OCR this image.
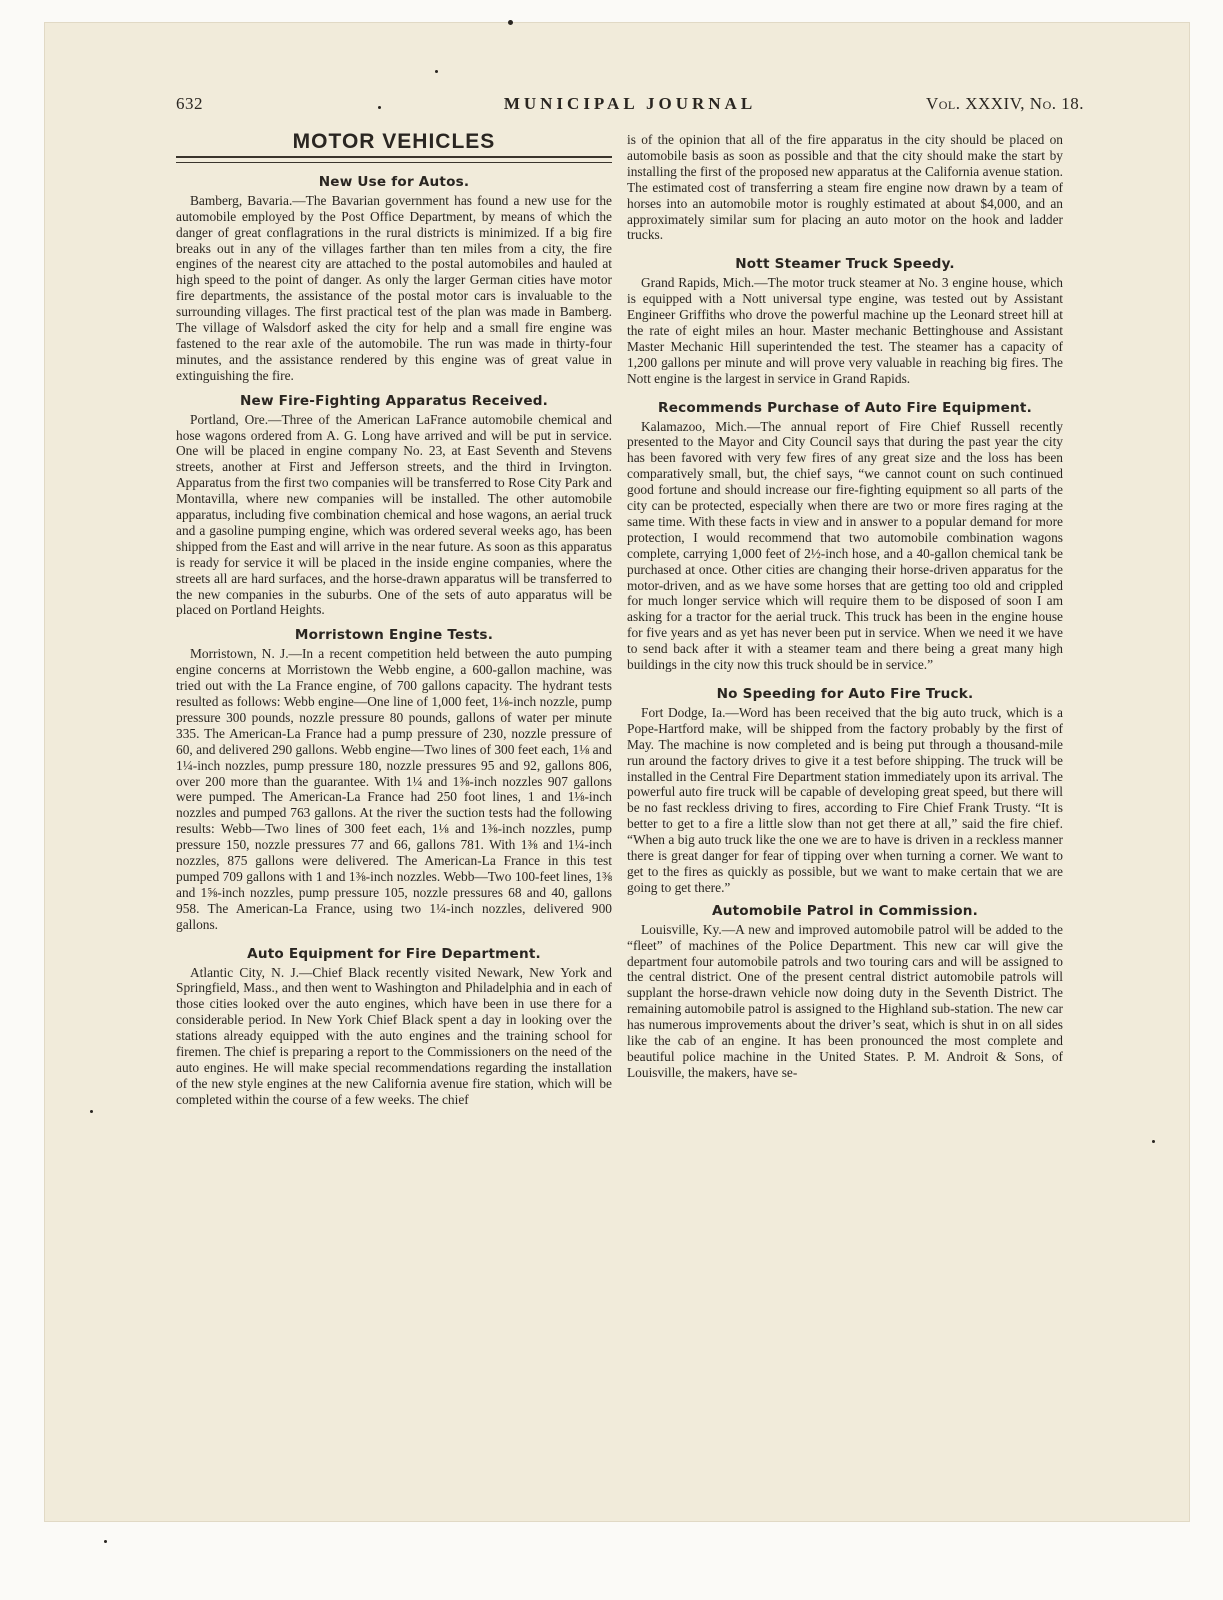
632	MUNICIPAL JOURNAL	Vol. XXXIV, No. 18.
MOTOR VEHICLES
New Use for Autos.

Bamberg, Bavaria.—The Bavarian government has found a new use for the automobile employed by the Post Office Department, by means of which the danger of great conflagrations in the rural districts is minimized. If a big fire breaks out in any of the villages farther than ten miles from a city, the fire engines of the nearest city are attached to the postal automobiles and hauled at high speed to the point of danger. As only the larger German cities have motor fire departments, the assistance of the postal motor cars is invaluable to the surrounding villages. The first practical test of the plan was made in Bamberg. The village of Walsdorf asked the city for help and a small fire engine was fastened to the rear axle of the automobile. The run was made in thirty-four minutes, and the assistance rendered by this engine was of great value in extinguishing the fire.

New Fire-Fighting Apparatus Received.

Portland, Ore.—Three of the American LaFrance automobile chemical and hose wagons ordered from A. G. Long have arrived and will be put in service. One will be placed in engine company No. 23, at East Seventh and Stevens streets, another at First and Jefferson streets, and the third in Irvington. Apparatus from the first two companies will be transferred to Rose City Park and Montavilla, where new companies will be installed. The other automobile apparatus, including five combination chemical and hose wagons, an aerial truck and a gasoline pumping engine, which was ordered several weeks ago, has been shipped from the East and will arrive in the near future. As soon as this apparatus is ready for service it will be placed in the inside engine companies, where the streets all are hard surfaces, and the horse-drawn apparatus will be transferred to the new companies in the suburbs. One of the sets of auto apparatus will be placed on Portland Heights.

Morristown Engine Tests.

Morristown, N. J.—In a recent competition held between the auto pumping engine concerns at Morristown the Webb engine, a 600-gallon machine, was tried out with the La France engine, of 700 gallons capacity. The hydrant tests resulted as follows: Webb engine—One line of 1,000 feet, 1⅛-inch nozzle, pump pressure 300 pounds, nozzle pressure 80 pounds, gallons of water per minute 335. The American-La France had a pump pressure of 230, nozzle pressure of 60, and delivered 290 gallons. Webb engine—Two lines of 300 feet each, 1⅛ and 1¼-inch nozzles, pump pressure 180, nozzle pressures 95 and 92, gallons 806, over 200 more than the guarantee. With 1¼ and 1⅜-inch nozzles 907 gallons were pumped. The American-La France had 250 foot lines, 1 and 1⅛-inch nozzles and pumped 763 gallons. At the river the suction tests had the following results: Webb—Two lines of 300 feet each, 1⅛ and 1⅜-inch nozzles, pump pressure 150, nozzle pressures 77 and 66, gallons 781. With 1⅜ and 1¼-inch nozzles, 875 gallons were delivered. The American-La France in this test pumped 709 gallons with 1 and 1⅜-inch nozzles. Webb—Two 100-feet lines, 1⅜ and 1⅝-inch nozzles, pump pressure 105, nozzle pressures 68 and 40, gallons 958. The American-La France, using two 1¼-inch nozzles, delivered 900 gallons.

Auto Equipment for Fire Department.

Atlantic City, N. J.—Chief Black recently visited Newark, New York and Springfield, Mass., and then went to Washington and Philadelphia and in each of those cities looked over the auto engines, which have been in use there for a considerable period. In New York Chief Black spent a day in looking over the stations already equipped with the auto engines and the training school for firemen. The chief is preparing a report to the Commissioners on the need of the auto engines. He will make special recommendations regarding the installation of the new style engines at the new California avenue fire station, which will be completed within the course of a few weeks. The chief

is of the opinion that all of the fire apparatus in the city should be placed on automobile basis as soon as possible and that the city should make the start by installing the first of the proposed new apparatus at the California avenue station. The estimated cost of transferring a steam fire engine now drawn by a team of horses into an automobile motor is roughly estimated at about $4,000, and an approximately similar sum for placing an auto motor on the hook and ladder trucks.

Nott Steamer Truck Speedy.

Grand Rapids, Mich.—The motor truck steamer at No. 3 engine house, which is equipped with a Nott universal type engine, was tested out by Assistant Engineer Griffiths who drove the powerful machine up the Leonard street hill at the rate of eight miles an hour. Master mechanic Bettinghouse and Assistant Master Mechanic Hill superintended the test. The steamer has a capacity of 1,200 gallons per minute and will prove very valuable in reaching big fires. The Nott engine is the largest in service in Grand Rapids.

Recommends Purchase of Auto Fire Equipment.

Kalamazoo, Mich.—The annual report of Fire Chief Russell recently presented to the Mayor and City Council says that during the past year the city has been favored with very few fires of any great size and the loss has been comparatively small, but, the chief says, “we cannot count on such continued good fortune and should increase our fire-fighting equipment so all parts of the city can be protected, especially when there are two or more fires raging at the same time. With these facts in view and in answer to a popular demand for more protection, I would recommend that two automobile combination wagons complete, carrying 1,000 feet of 2½-inch hose, and a 40-gallon chemical tank be purchased at once. Other cities are changing their horse-driven apparatus for the motor-driven, and as we have some horses that are getting too old and crippled for much longer service which will require them to be disposed of soon I am asking for a tractor for the aerial truck. This truck has been in the engine house for five years and as yet has never been put in service. When we need it we have to send back after it with a steamer team and there being a great many high buildings in the city now this truck should be in service.”

No Speeding for Auto Fire Truck.

Fort Dodge, Ia.—Word has been received that the big auto truck, which is a Pope-Hartford make, will be shipped from the factory probably by the first of May. The machine is now completed and is being put through a thousand-mile run around the factory drives to give it a test before shipping. The truck will be installed in the Central Fire Department station immediately upon its arrival. The powerful auto fire truck will be capable of developing great speed, but there will be no fast reckless driving to fires, according to Fire Chief Frank Trusty. “It is better to get to a fire a little slow than not get there at all,” said the fire chief. “When a big auto truck like the one we are to have is driven in a reckless manner there is great danger for fear of tipping over when turning a corner. We want to get to the fires as quickly as possible, but we want to make certain that we are going to get there.”

Automobile Patrol in Commission.

Louisville, Ky.—A new and improved automobile patrol will be added to the “fleet” of machines of the Police Department. This new car will give the department four automobile patrols and two touring cars and will be assigned to the central district. One of the present central district automobile patrols will supplant the horse-drawn vehicle now doing duty in the Seventh District. The remaining automobile patrol is assigned to the Highland sub-station. The new car has numerous improvements about the driver’s seat, which is shut in on all sides like the cab of an engine. It has been pronounced the most complete and beautiful police machine in the United States. P. M. Androit & Sons, of Louisville, the makers, have se-
